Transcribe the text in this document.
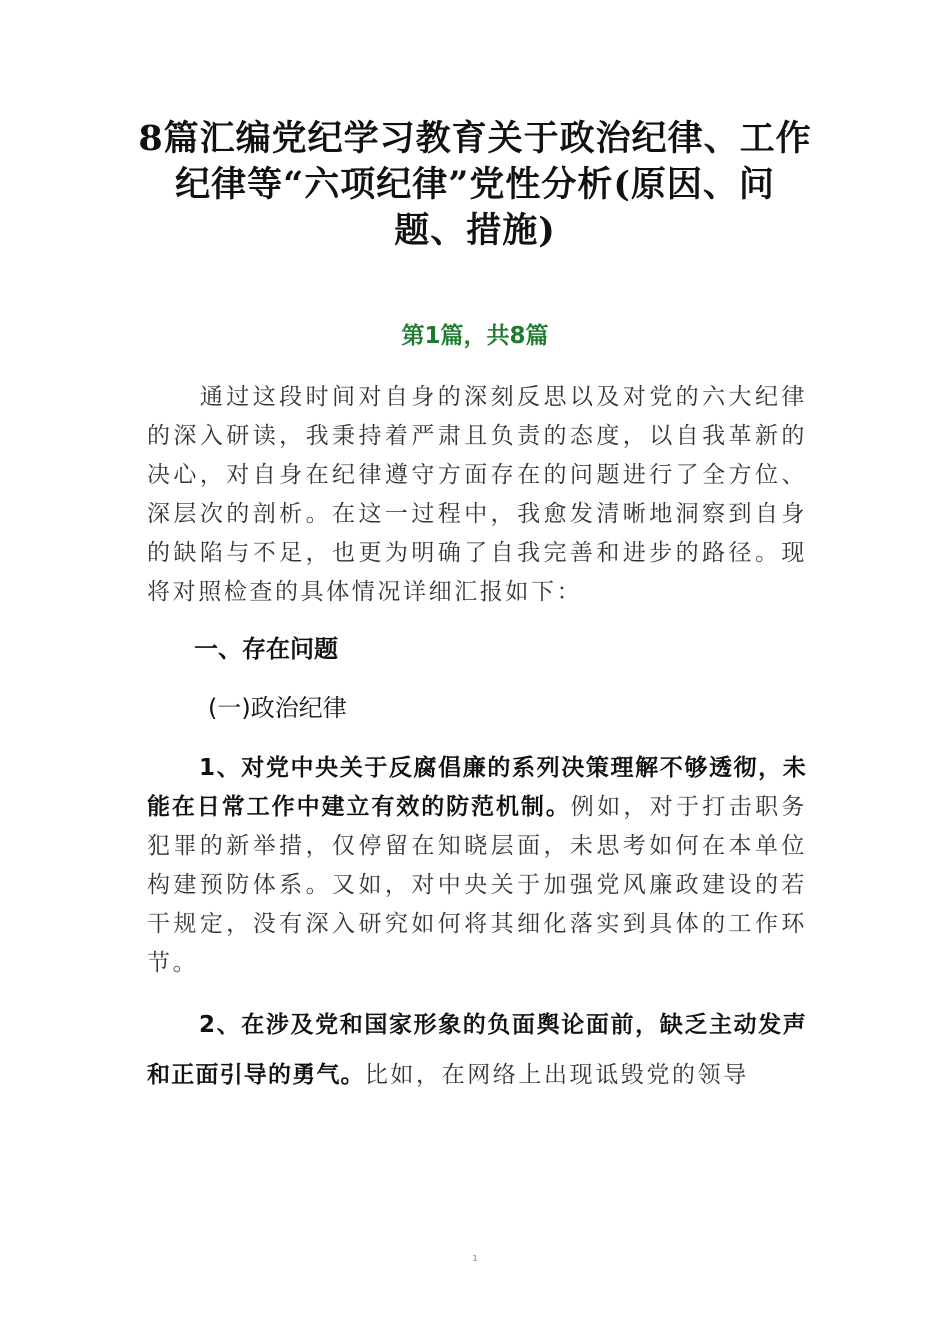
8篇汇编党纪学习教育关于政治纪律、工作
纪律等“六项纪律”党性分析(原因、问
题、措施)
第1篇，共8篇
通过这段时间对自身的深刻反思以及对党的六大纪律的深入研读，我秉持着严肃且负责的态度，以自我革新的决心，对自身在纪律遵守方面存在的问题进行了全方位、深层次的剖析。在这一过程中，我愈发清晰地洞察到自身的缺陷与不足，也更为明确了自我完善和进步的路径。现将对照检查的具体情况详细汇报如下：
一、存在问题
(一)政治纪律
1、对党中央关于反腐倡廉的系列决策理解不够透彻，未能在日常工作中建立有效的防范机制。例如，对于打击职务犯罪的新举措，仅停留在知晓层面，未思考如何在本单位构建预防体系。又如，对中央关于加强党风廉政建设的若干规定，没有深入研究如何将其细化落实到具体的工作环节。
2、在涉及党和国家形象的负面舆论面前，缺乏主动发声和正面引导的勇气。比如，在网络上出现诋毁党的领导
1
